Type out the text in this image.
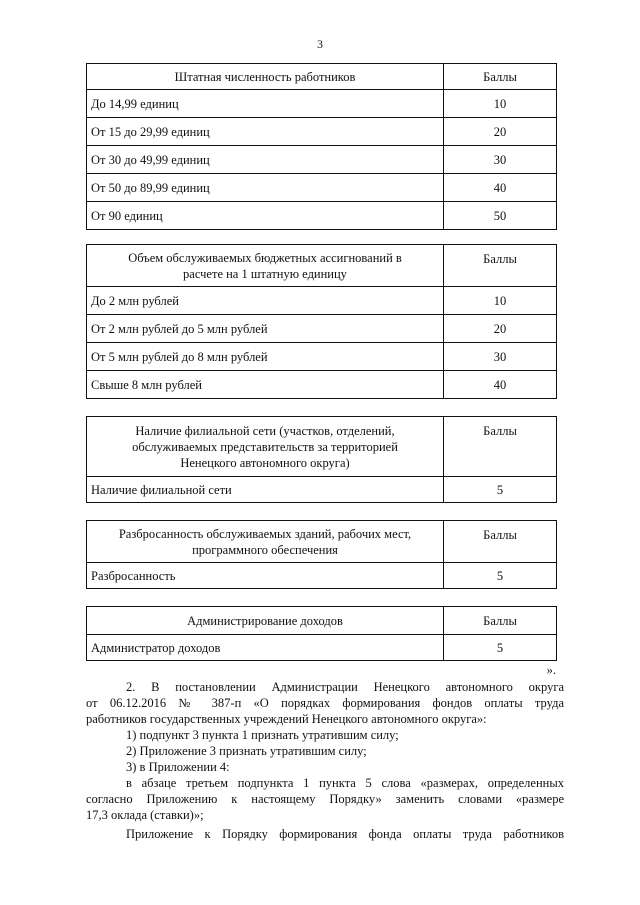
3
Штатная численность работников	Баллы
До 14,99 единиц	10
От 15 до 29,99 единиц	20
От 30 до 49,99 единиц	30
От 50 до 89,99 единиц	40
От 90 единиц	50
Объем обслуживаемых бюджетных ассигнований в
расчете на 1 штатную единицу	Баллы
До 2 млн рублей	10
От 2 млн рублей до 5 млн рублей	20
От 5 млн рублей до 8 млн рублей	30
Свыше 8 млн рублей	40
Наличие филиальной сети (участков, отделений,
обслуживаемых представительств за территорией
Ненецкого автономного округа)	Баллы
Наличие филиальной сети	5
Разбросанность обслуживаемых зданий, рабочих мест,
программного обеспечения	Баллы
Разбросанность	5
Администрирование доходов	Баллы
Администратор доходов	5
».

2. В постановлении Администрации Ненецкого автономного округа

от 06.12.2016 № 387-п «О порядках формирования фондов оплаты труда

работников государственных учреждений Ненецкого автономного округа»:

1) подпункт 3 пункта 1 признать утратившим силу;

2) Приложение 3 признать утратившим силу;

3) в Приложении 4:

в абзаце третьем подпункта 1 пункта 5 слова «размерах, определенных

согласно Приложению к настоящему Порядку» заменить словами «размере

17,3 оклада (ставки)»;

Приложение к Порядку формирования фонда оплаты труда работников
